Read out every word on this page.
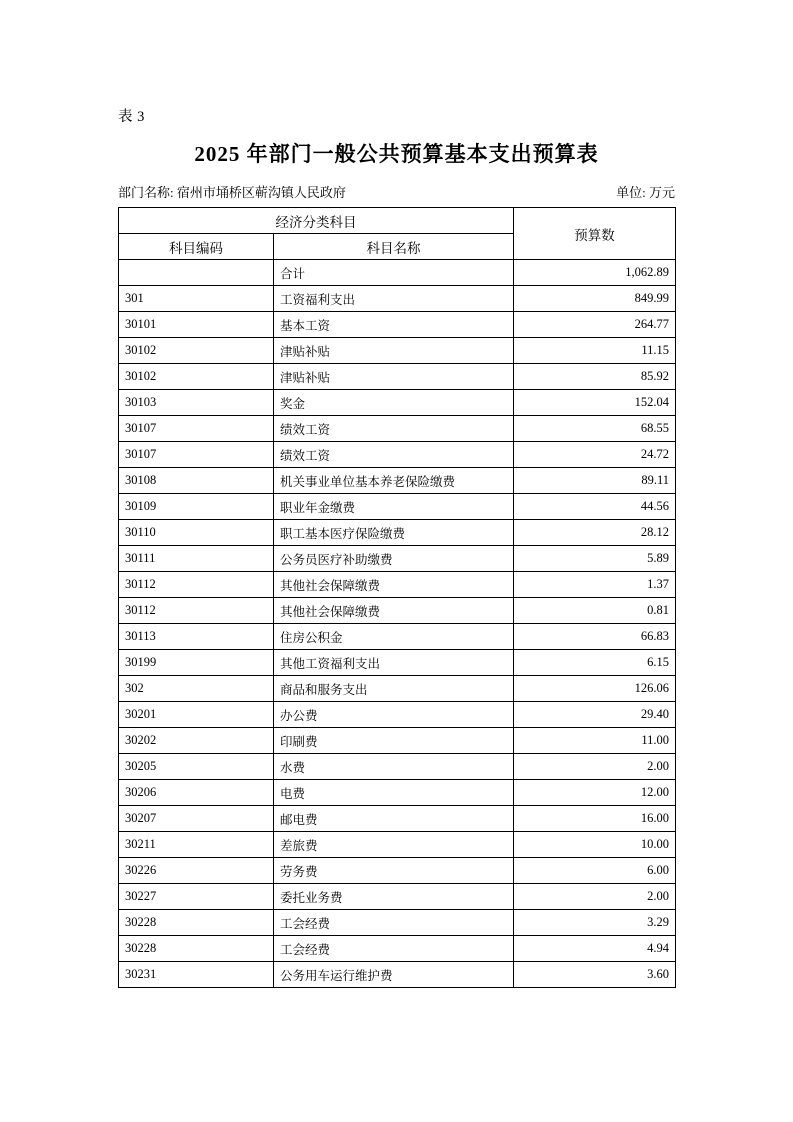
表 3
2025 年部门一般公共预算基本支出预算表
部门名称: 宿州市埇桥区蕲沟镇人民政府	单位: 万元
经济分类科目		预算数
科目编码	科目名称	
	合计	1,062.89
301	工资福利支出	849.99
30101	基本工资	264.77
30102	津贴补贴	11.15
30102	津贴补贴	85.92
30103	奖金	152.04
30107	绩效工资	68.55
30107	绩效工资	24.72
30108	机关事业单位基本养老保险缴费	89.11
30109	职业年金缴费	44.56
30110	职工基本医疗保险缴费	28.12
30111	公务员医疗补助缴费	5.89
30112	其他社会保障缴费	1.37
30112	其他社会保障缴费	0.81
30113	住房公积金	66.83
30199	其他工资福利支出	6.15
302	商品和服务支出	126.06
30201	办公费	29.40
30202	印刷费	11.00
30205	水费	2.00
30206	电费	12.00
30207	邮电费	16.00
30211	差旅费	10.00
30226	劳务费	6.00
30227	委托业务费	2.00
30228	工会经费	3.29
30228	工会经费	4.94
30231	公务用车运行维护费	3.60
